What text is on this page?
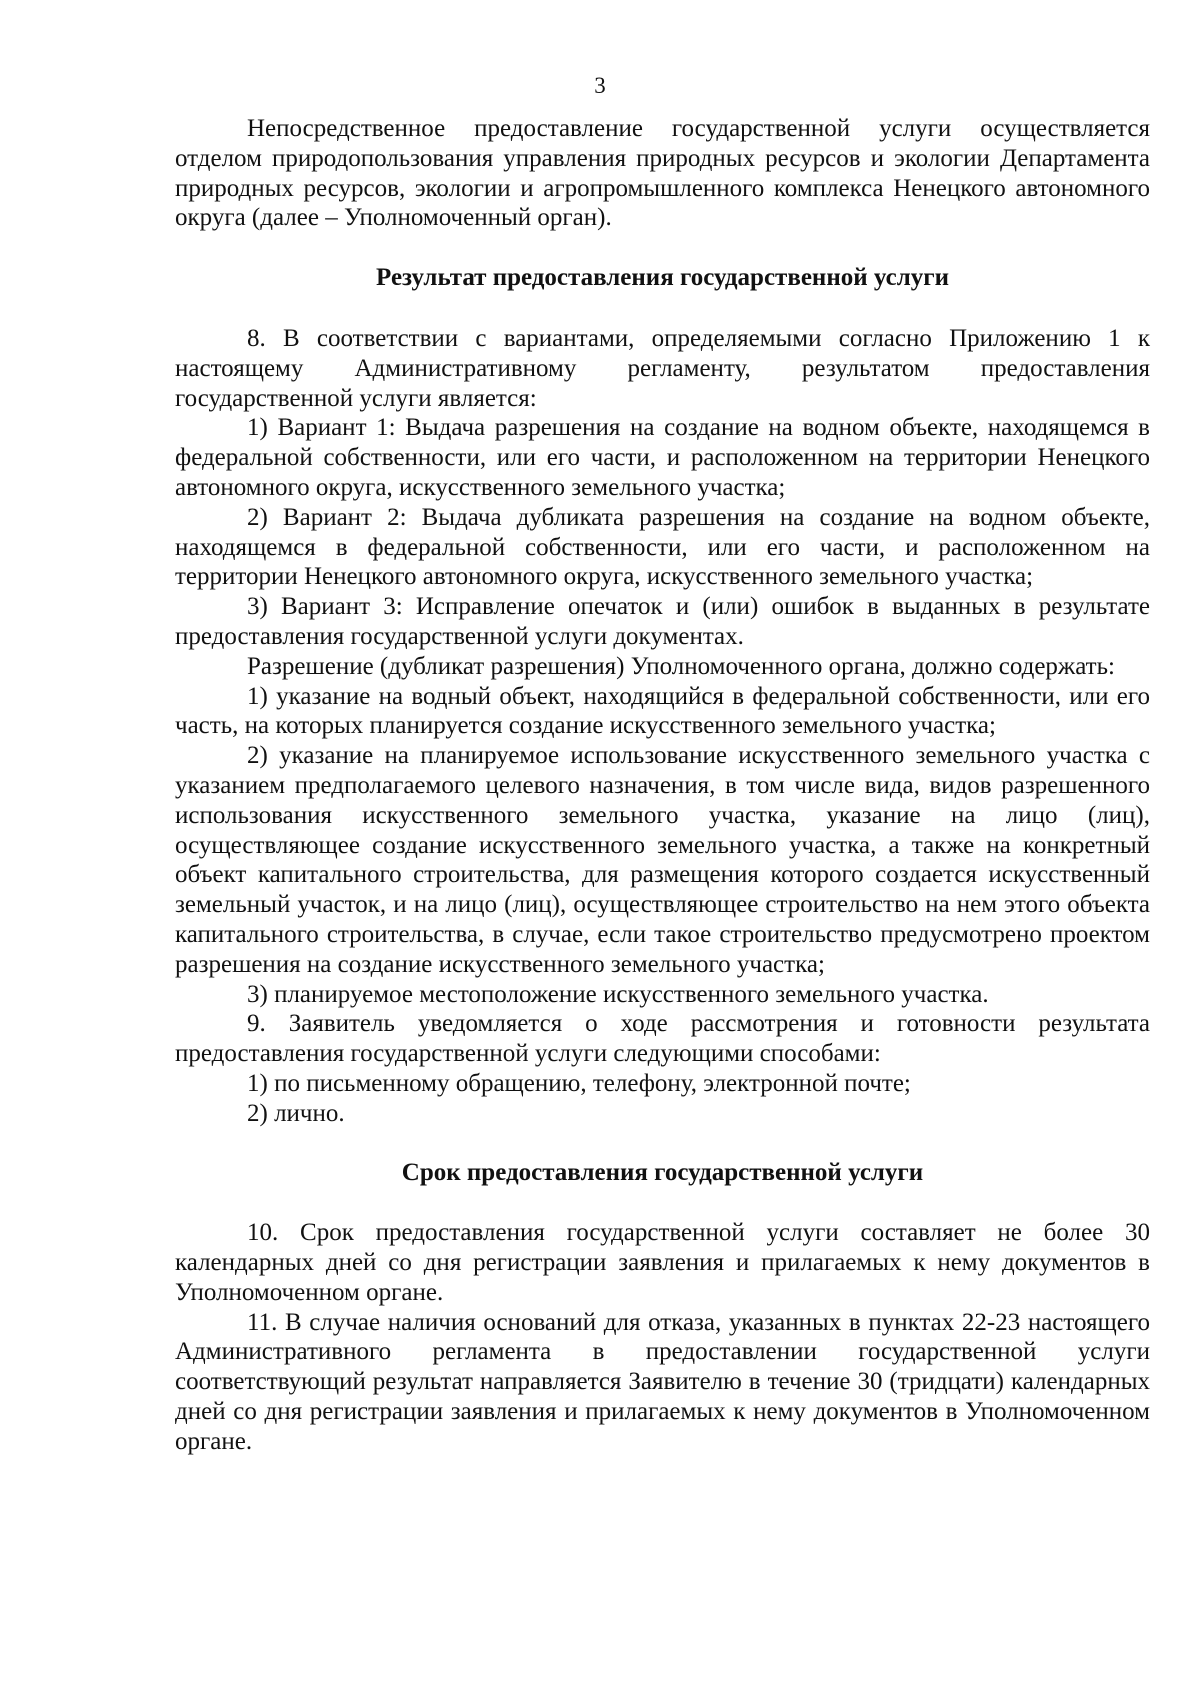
3

Непосредственное предоставление государственной услуги осуществляется отделом природопользования управления природных ресурсов и экологии Департамента природных ресурсов, экологии и агропромышленного комплекса Ненецкого автономного округа (далее – Уполномоченный орган).

Результат предоставления государственной услуги

8. В соответствии с вариантами, определяемыми согласно Приложению 1 к настоящему Административному регламенту, результатом предоставления государственной услуги является:

1) Вариант 1: Выдача разрешения на создание на водном объекте, находящемся в федеральной собственности, или его части, и расположенном на территории Ненецкого автономного округа, искусственного земельного участка;

2) Вариант 2: Выдача дубликата разрешения на создание на водном объекте, находящемся в федеральной собственности, или его части, и расположенном на территории Ненецкого автономного округа, искусственного земельного участка;

3) Вариант 3: Исправление опечаток и (или) ошибок в выданных в результате предоставления государственной услуги документах.

Разрешение (дубликат разрешения) Уполномоченного органа, должно содержать:

1) указание на водный объект, находящийся в федеральной собственности, или его часть, на которых планируется создание искусственного земельного участка;

2) указание на планируемое использование искусственного земельного участка с указанием предполагаемого целевого назначения, в том числе вида, видов разрешенного использования искусственного земельного участка, указание на лицо (лиц), осуществляющее создание искусственного земельного участка, а также на конкретный объект капитального строительства, для размещения которого создается искусственный земельный участок, и на лицо (лиц), осуществляющее строительство на нем этого объекта капитального строительства, в случае, если такое строительство предусмотрено проектом разрешения на создание искусственного земельного участка;

3) планируемое местоположение искусственного земельного участка.

9. Заявитель уведомляется о ходе рассмотрения и готовности результата предоставления государственной услуги следующими способами:

1) по письменному обращению, телефону, электронной почте;

2) лично.

Срок предоставления государственной услуги

10. Срок предоставления государственной услуги составляет не более 30 календарных дней со дня регистрации заявления и прилагаемых к нему документов в Уполномоченном органе.

11. В случае наличия оснований для отказа, указанных в пунктах 22-23 настоящего Административного регламента в предоставлении государственной услуги соответствующий результат направляется Заявителю в течение 30 (тридцати) календарных дней со дня регистрации заявления и прилагаемых к нему документов в Уполномоченном органе.
